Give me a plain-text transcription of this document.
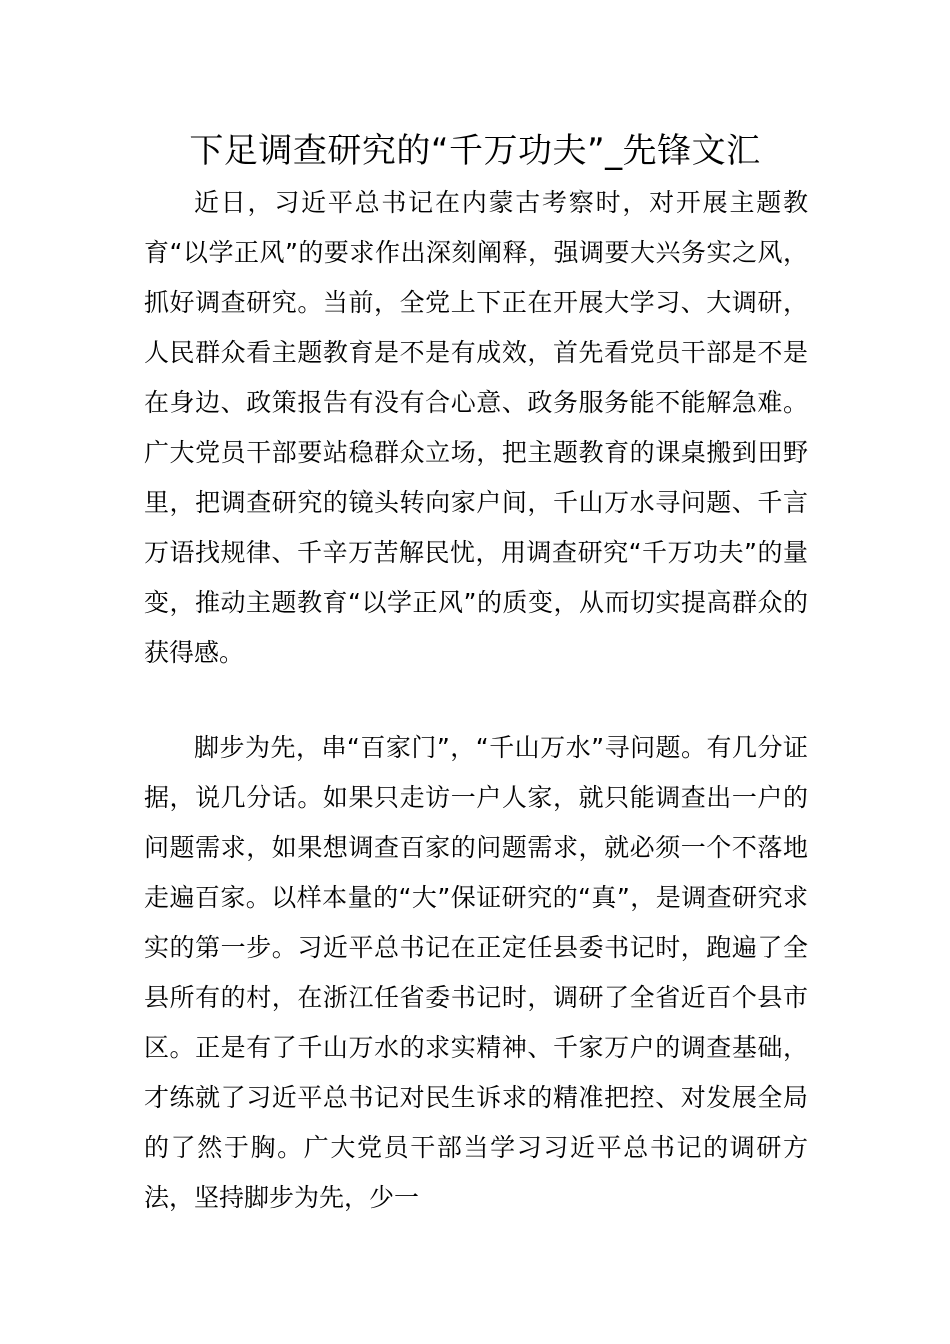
下足调查研究的“千万功夫”_先锋文汇

近日，习近平总书记在内蒙古考察时，对开展主题教育“以学正风”的要求作出深刻阐释，强调要大兴务实之风，抓好调查研究。当前，全党上下正在开展大学习、大调研，人民群众看主题教育是不是有成效，首先看党员干部是不是在身边、政策报告有没有合心意、政务服务能不能解急难。广大党员干部要站稳群众立场，把主题教育的课桌搬到田野里，把调查研究的镜头转向家户间，千山万水寻问题、千言万语找规律、千辛万苦解民忧，用调查研究“千万功夫”的量变，推动主题教育“以学正风”的质变，从而切实提高群众的获得感。

脚步为先，串“百家门”，“千山万水”寻问题。有几分证据，说几分话。如果只走访一户人家，就只能调查出一户的问题需求，如果想调查百家的问题需求，就必须一个不落地走遍百家。以样本量的“大”保证研究的“真”，是调查研究求实的第一步。习近平总书记在正定任县委书记时，跑遍了全县所有的村，在浙江任省委书记时，调研了全省近百个县市区。正是有了千山万水的求实精神、千家万户的调查基础，才练就了习近平总书记对民生诉求的精准把控、对发展全局的了然于胸。广大党员干部当学习习近平总书记的调研方法，坚持脚步为先，少一
